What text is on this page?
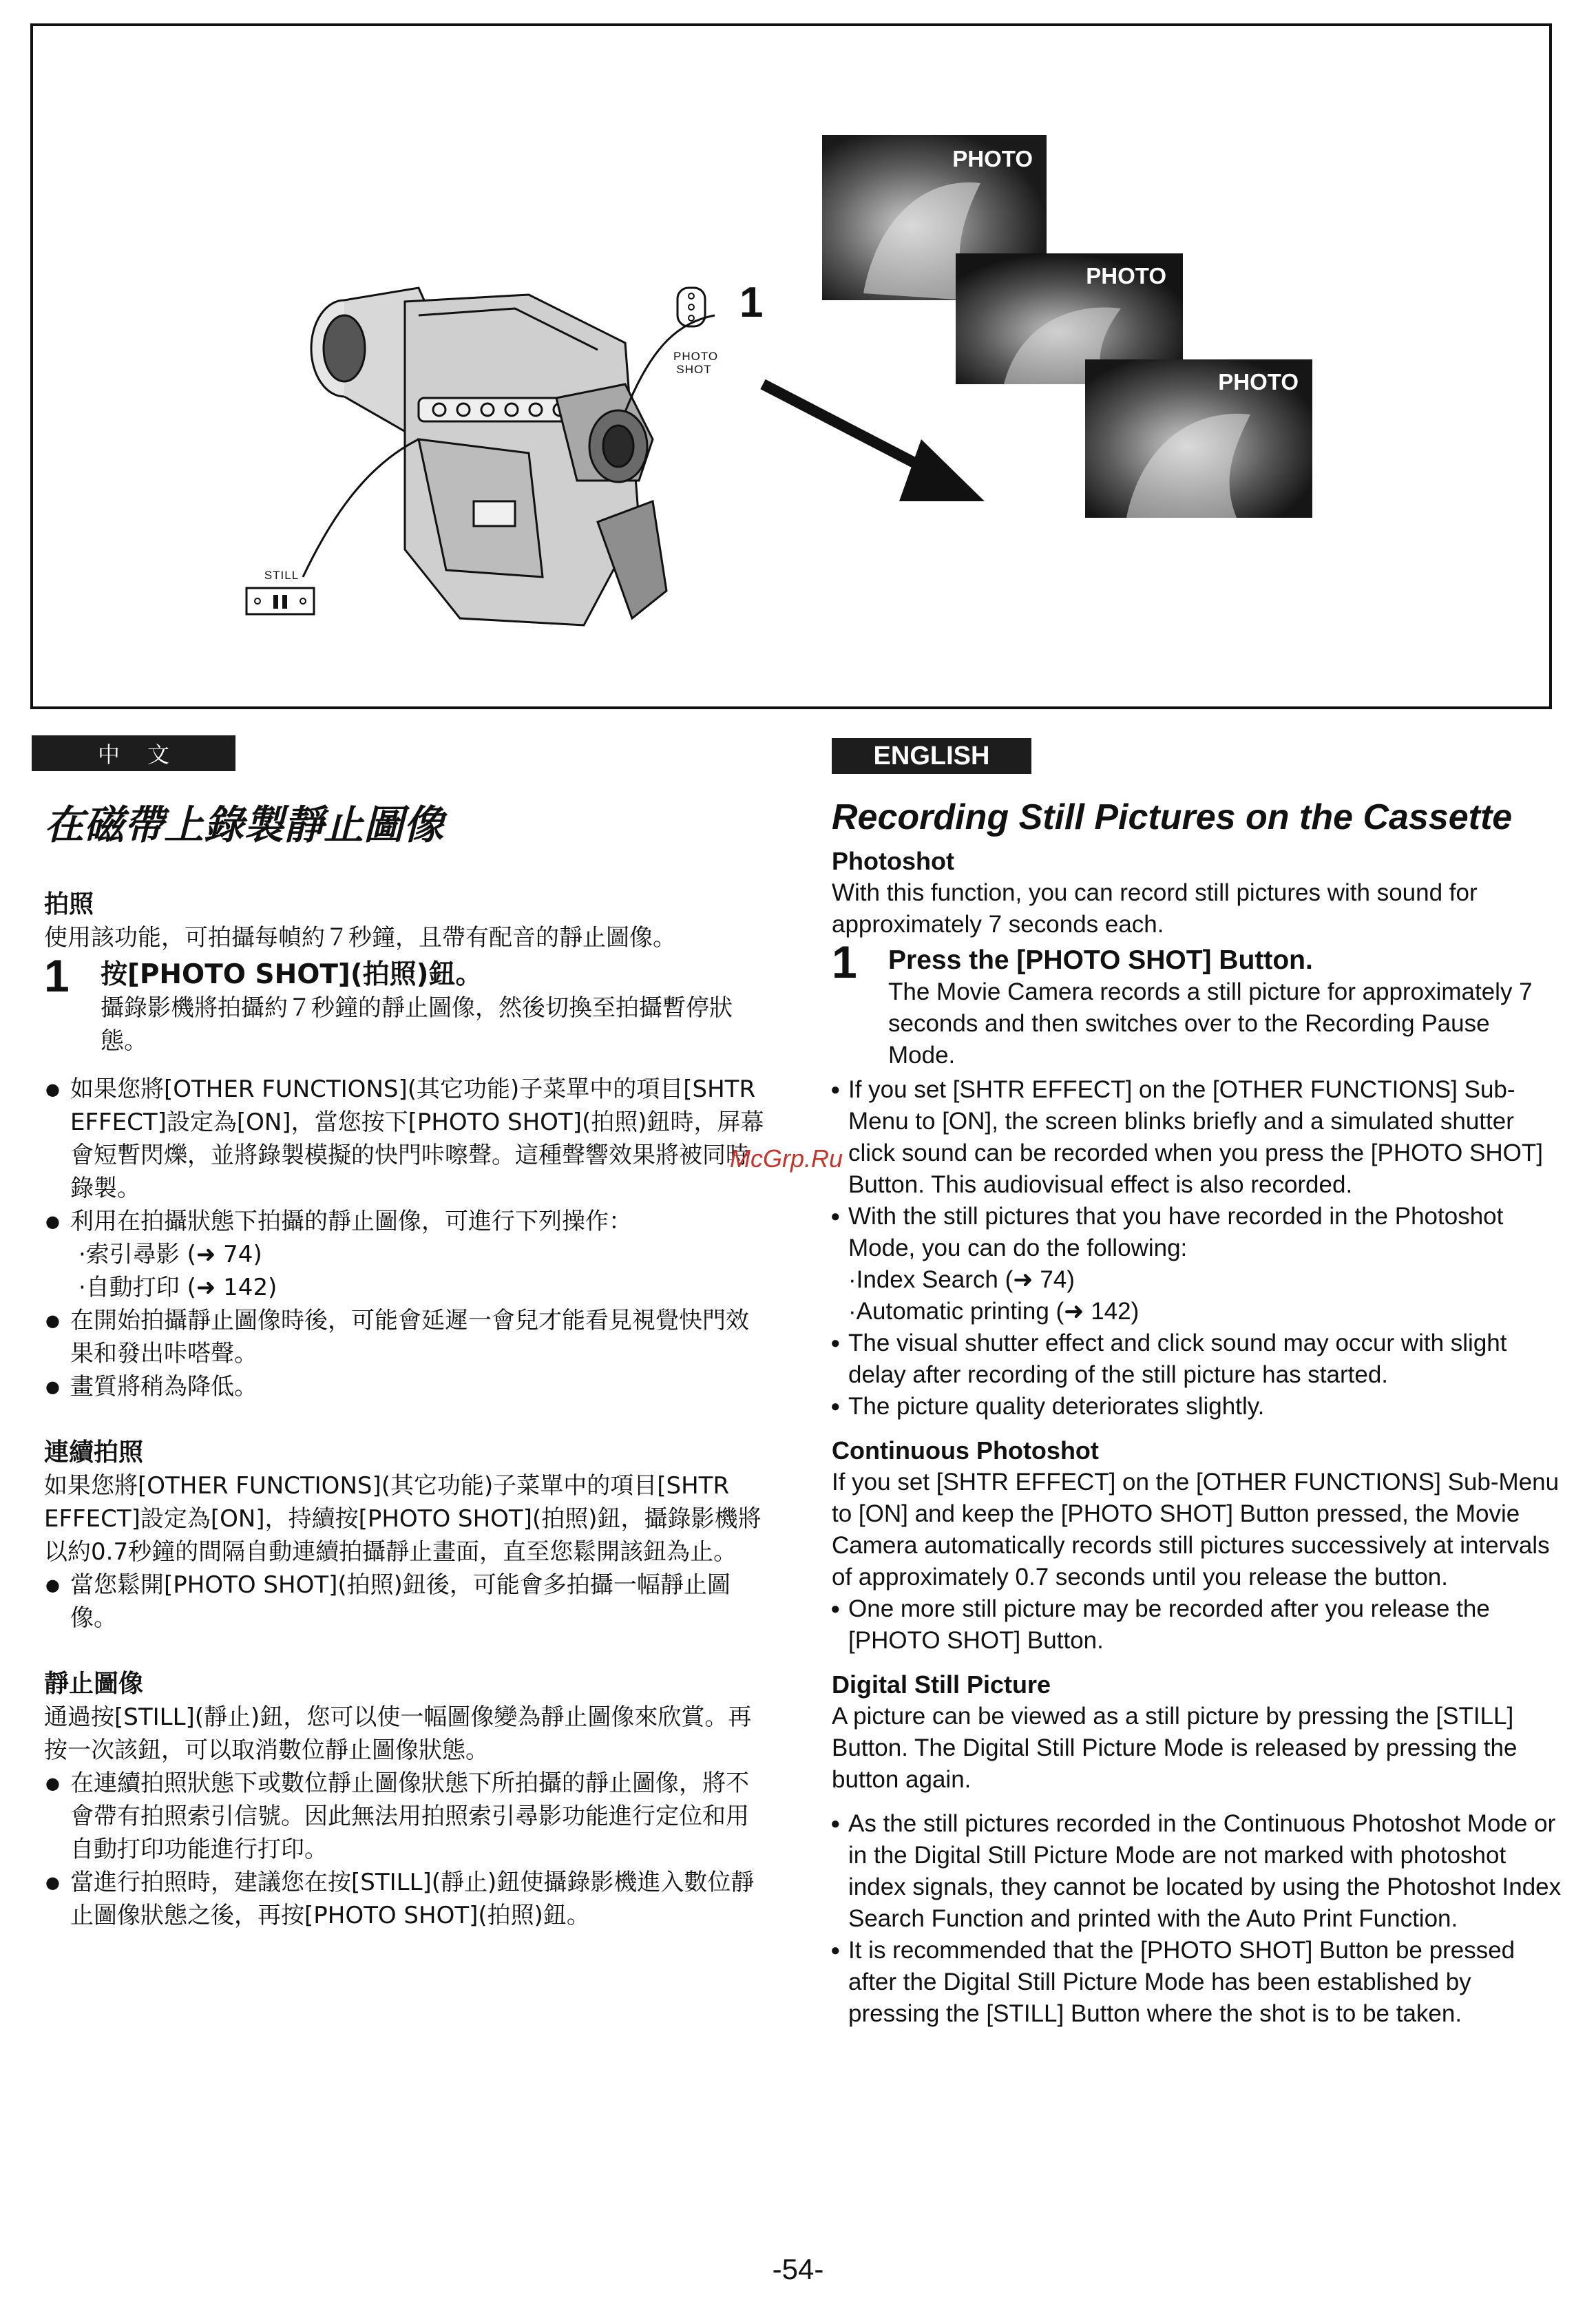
PHOTO
SHOT
STILL
1
PHOTO
PHOTO
PHOTO
中文	ENGLISH
在磁帶上錄製靜止圖像

拍照

使用該功能，可拍攝每幀約７秒鐘，且帶有配音的靜止圖像。

1 按[PHOTO SHOT](拍照)鈕。

攝錄影機將拍攝約７秒鐘的靜止圖像，然後切換至拍攝暫停狀態。

● 如果您將[OTHER FUNCTIONS](其它功能)子菜單中的項目[SHTR EFFECT]設定為[ON]，當您按下[PHOTO SHOT](拍照)鈕時，屏幕會短暫閃爍，並將錄製模擬的快門咔嚓聲。這種聲響效果將被同時錄製。

● 利用在拍攝狀態下拍攝的靜止圖像，可進行下列操作：

·索引尋影 (➜ 74)

·自動打印 (➜ 142)

● 在開始拍攝靜止圖像時後，可能會延遲一會兒才能看見視覺快門效果和發出咔嗒聲。

● 畫質將稍為降低。

連續拍照

如果您將[OTHER FUNCTIONS](其它功能)子菜單中的項目[SHTR EFFECT]設定為[ON]，持續按[PHOTO SHOT](拍照)鈕，攝錄影機將以約0.7秒鐘的間隔自動連續拍攝靜止畫面，直至您鬆開該鈕為止。

● 當您鬆開[PHOTO SHOT](拍照)鈕後，可能會多拍攝一幅靜止圖像。

靜止圖像

通過按[STILL](靜止)鈕，您可以使一幅圖像變為靜止圖像來欣賞。再按一次該鈕，可以取消數位靜止圖像狀態。

● 在連續拍照狀態下或數位靜止圖像狀態下所拍攝的靜止圖像，將不會帶有拍照索引信號。因此無法用拍照索引尋影功能進行定位和用自動打印功能進行打印。

● 當進行拍照時，建議您在按[STILL](靜止)鈕使攝錄影機進入數位靜止圖像狀態之後，再按[PHOTO SHOT](拍照)鈕。

Recording Still Pictures on the Cassette

Photoshot

With this function, you can record still pictures with sound for approximately 7 seconds each.

1 Press the [PHOTO SHOT] Button.

The Movie Camera records a still picture for approximately 7 seconds and then switches over to the Recording Pause Mode.

● If you set [SHTR EFFECT] on the [OTHER FUNCTIONS] Sub-Menu to [ON], the screen blinks briefly and a simulated shutter click sound can be recorded when you press the [PHOTO SHOT] Button. This audiovisual effect is also recorded.

● With the still pictures that you have recorded in the Photoshot Mode, you can do the following:

·Index Search (➜ 74)

·Automatic printing (➜ 142)

● The visual shutter effect and click sound may occur with slight delay after recording of the still picture has started.

● The picture quality deteriorates slightly.

Continuous Photoshot

If you set [SHTR EFFECT] on the [OTHER FUNCTIONS] Sub-Menu to [ON] and keep the [PHOTO SHOT] Button pressed, the Movie Camera automatically records still pictures successively at intervals of approximately 0.7 seconds until you release the button.

● One more still picture may be recorded after you release the [PHOTO SHOT] Button.

Digital Still Picture

A picture can be viewed as a still picture by pressing the [STILL] Button. The Digital Still Picture Mode is released by pressing the button again.

● As the still pictures recorded in the Continuous Photoshot Mode or in the Digital Still Picture Mode are not marked with photoshot index signals, they cannot be located by using the Photoshot Index Search Function and printed with the Auto Print Function.

● It is recommended that the [PHOTO SHOT] Button be pressed after the Digital Still Picture Mode has been established by pressing the [STILL] Button where the shot is to be taken.

McGrp.Ru
-54-
